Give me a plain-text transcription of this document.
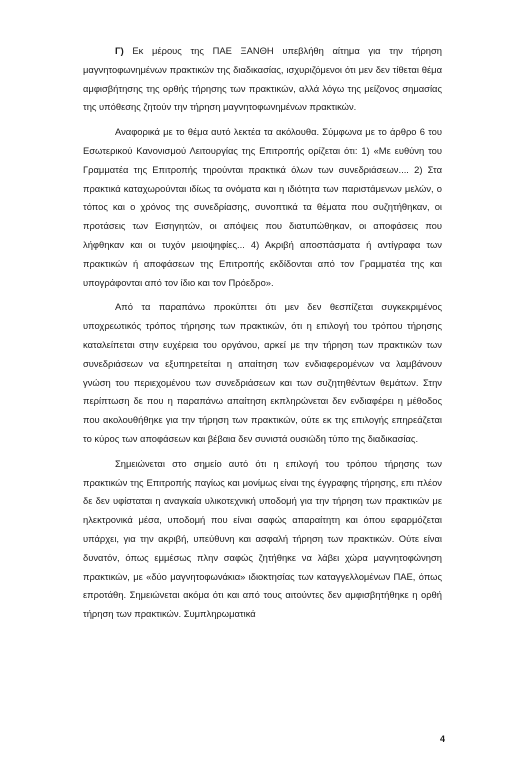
Γ) Εκ μέρους της ΠΑΕ ΞΑΝΘΗ υπεβλήθη αίτημα για την τήρηση μαγνητοφωνημένων πρακτικών της διαδικασίας, ισχυριζόμενοι ότι μεν δεν τίθεται θέμα αμφισβήτησης της ορθής τήρησης των πρακτικών, αλλά λόγω της μείζονος σημασίας της υπόθεσης ζητούν την τήρηση μαγνητοφωνημένων πρακτικών.

Αναφορικά με το θέμα αυτό λεκτέα τα ακόλουθα. Σύμφωνα με το άρθρο 6 του Εσωτερικού Κανονισμού Λειτουργίας της Επιτροπής ορίζεται ότι: 1) «Με ευθύνη του Γραμματέα της Επιτροπής τηρούνται πρακτικά όλων των συνεδριάσεων.... 2) Στα πρακτικά καταχωρούνται ιδίως τα ονόματα και η ιδιότητα των παριστάμενων μελών, ο τόπος και ο χρόνος της συνεδρίασης, συνοπτικά τα θέματα που συζητήθηκαν, οι προτάσεις των Εισηγητών, οι απόψεις που διατυπώθηκαν, οι αποφάσεις που λήφθηκαν και οι τυχόν μειοψηφίες... 4) Ακριβή αποσπάσματα ή αντίγραφα των πρακτικών ή αποφάσεων της Επιτροπής εκδίδονται από τον Γραμματέα της και υπογράφονται από τον ίδιο και τον Πρόεδρο».

Από τα παραπάνω προκύπτει ότι μεν δεν θεσπίζεται συγκεκριμένος υποχρεωτικός τρόπος τήρησης των πρακτικών, ότι η επιλογή του τρόπου τήρησης καταλείπεται στην ευχέρεια του οργάνου, αρκεί με την τήρηση των πρακτικών των συνεδριάσεων να εξυπηρετείται η απαίτηση των ενδιαφερομένων να λαμβάνουν γνώση του περιεχομένου των συνεδριάσεων και των συζητηθέντων θεμάτων. Στην περίπτωση δε που η παραπάνω απαίτηση εκπληρώνεται δεν ενδιαφέρει η μέθοδος που ακολουθήθηκε για την τήρηση των πρακτικών, ούτε εκ της επιλογής επηρεάζεται το κύρος των αποφάσεων και βέβαια δεν συνιστά ουσιώδη τύπο της διαδικασίας.

Σημειώνεται στο σημείο αυτό ότι η επιλογή του τρόπου τήρησης των πρακτικών της Επιτροπής παγίως και μονίμως είναι της έγγραφης τήρησης, επι πλέον δε δεν υφίσταται η αναγκαία υλικοτεχνική υποδομή για την τήρηση των πρακτικών με ηλεκτρονικά μέσα, υποδομή που είναι σαφώς απαραίτητη και όπου εφαρμόζεται υπάρχει, για την ακριβή, υπεύθυνη και ασφαλή τήρηση των πρακτικών. Ούτε είναι δυνατόν, όπως εμμέσως πλην σαφώς ζητήθηκε να λάβει χώρα μαγνητοφώνηση πρακτικών, με «δύο μαγνητοφωνάκια» ιδιοκτησίας των καταγγελλομένων ΠΑΕ, όπως επροτάθη. Σημειώνεται ακόμα ότι και από τους αιτούντες δεν αμφισβητήθηκε η ορθή τήρηση των πρακτικών. Συμπληρωματικά

4
